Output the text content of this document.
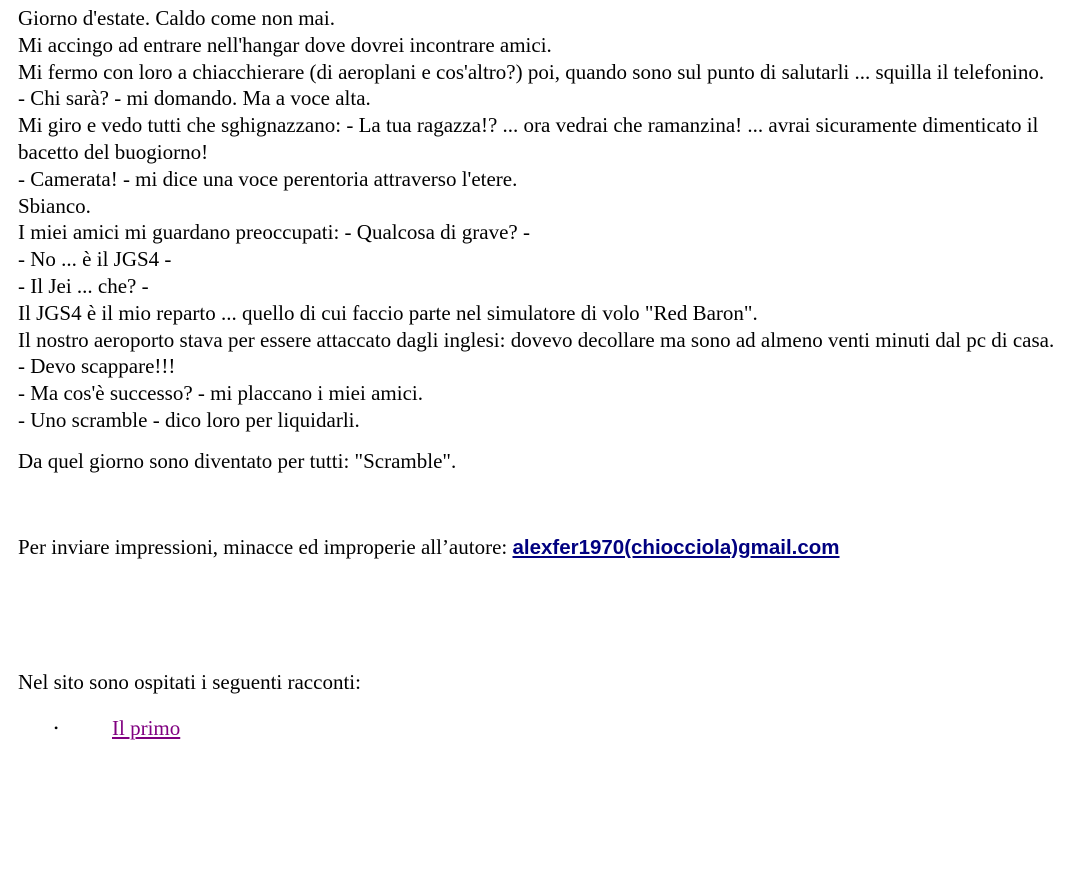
Giorno d'estate. Caldo come non mai.
Mi accingo ad entrare nell'hangar dove dovrei incontrare amici.
Mi fermo con loro a chiacchierare (di aeroplani e cos'altro?) poi, quando sono sul punto di salutarli ... squilla il telefonino.
- Chi sarà? - mi domando. Ma a voce alta.
Mi giro e vedo tutti che sghignazzano: - La tua ragazza!? ... ora vedrai che ramanzina! ... avrai sicuramente dimenticato il bacetto del buogiorno!
- Camerata! - mi dice una voce perentoria attraverso l'etere.
Sbianco.
I miei amici mi guardano preoccupati: - Qualcosa di grave? -
- No ... è il JGS4 -
- Il Jei ... che? -
Il JGS4 è il mio reparto ... quello di cui faccio parte nel simulatore di volo "Red Baron".
Il nostro aeroporto stava per essere attaccato dagli inglesi: dovevo decollare ma sono ad almeno venti minuti dal pc di casa.
- Devo scappare!!!
- Ma cos'è successo? - mi placcano i miei amici.
- Uno scramble - dico loro per liquidarli.

Da quel giorno sono diventato per tutti: "Scramble".

Per inviare impressioni, minacce ed improperie all’autore: alexfer1970(chiocciola)gmail.com

Nel sito sono ospitati i seguenti racconti:

•	Il primo
